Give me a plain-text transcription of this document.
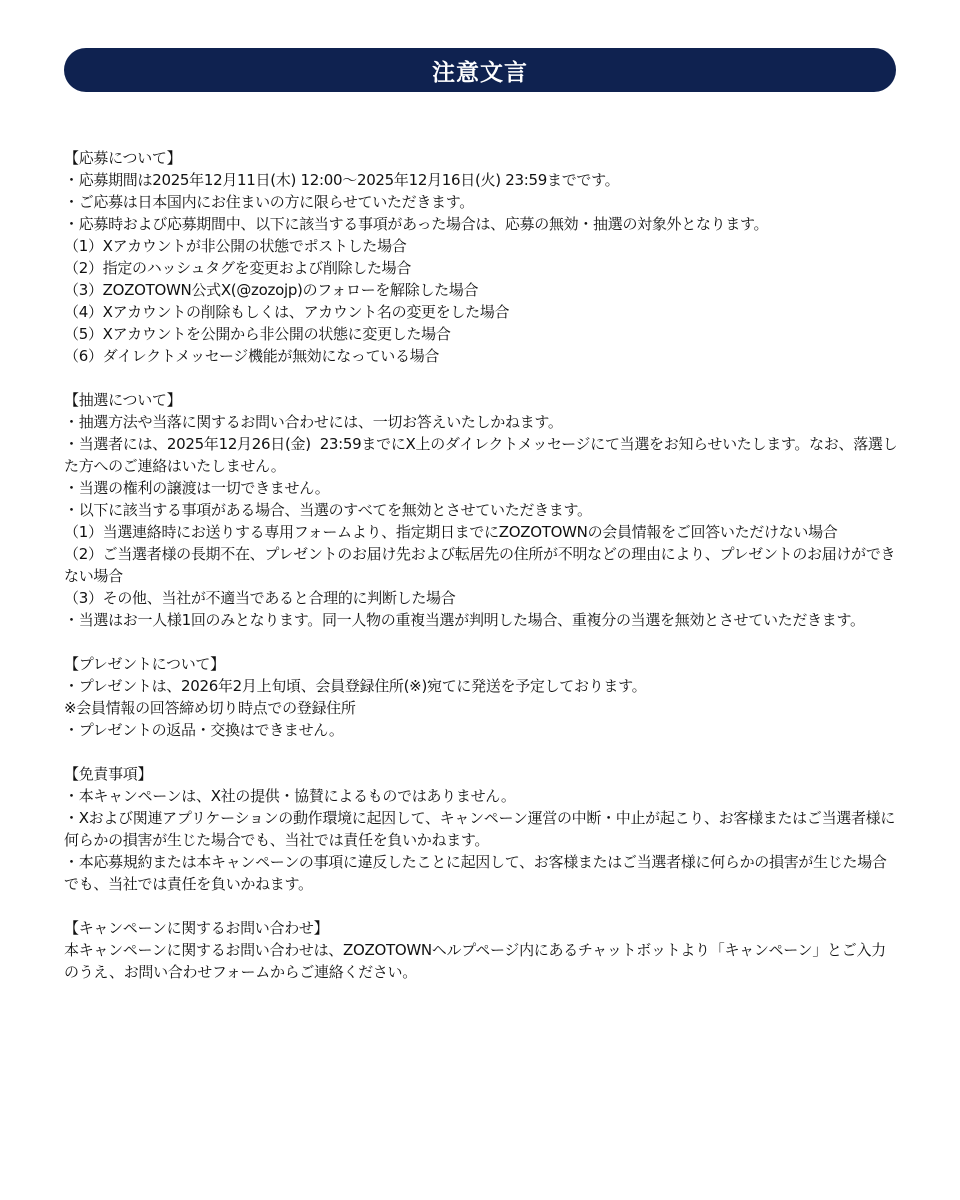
注意文言
【応募について】
・応募期間は2025年12月11日(木) 12:00〜2025年12月16日(火) 23:59までです。
・ご応募は日本国内にお住まいの方に限らせていただきます。
・応募時および応募期間中、以下に該当する事項があった場合は、応募の無効・抽選の対象外となります。
（1）Xアカウントが非公開の状態でポストした場合
（2）指定のハッシュタグを変更および削除した場合
（3）ZOZOTOWN公式X(@zozojp)のフォローを解除した場合
（4）Xアカウントの削除もしくは、アカウント名の変更をした場合
（5）Xアカウントを公開から非公開の状態に変更した場合
（6）ダイレクトメッセージ機能が無効になっている場合
【抽選について】
・抽選方法や当落に関するお問い合わせには、一切お答えいたしかねます。
・当選者には、2025年12月26日(金)  23:59までにX上のダイレクトメッセージにて当選をお知らせいたします。なお、落選した方へのご連絡はいたしません。
・当選の権利の譲渡は一切できません。
・以下に該当する事項がある場合、当選のすべてを無効とさせていただきます。
（1）当選連絡時にお送りする専用フォームより、指定期日までにZOZOTOWNの会員情報をご回答いただけない場合
（2）ご当選者様の長期不在、プレゼントのお届け先および転居先の住所が不明などの理由により、プレゼントのお届けができない場合
（3）その他、当社が不適当であると合理的に判断した場合
・当選はお一人様1回のみとなります。同一人物の重複当選が判明した場合、重複分の当選を無効とさせていただきます。
【プレゼントについて】
・プレゼントは、2026年2月上旬頃、会員登録住所(※)宛てに発送を予定しております。
※会員情報の回答締め切り時点での登録住所
・プレゼントの返品・交換はできません。
【免責事項】
・本キャンペーンは、X社の提供・協賛によるものではありません。
・Xおよび関連アプリケーションの動作環境に起因して、キャンペーン運営の中断・中止が起こり、お客様またはご当選者様に何らかの損害が生じた場合でも、当社では責任を負いかねます。
・本応募規約または本キャンペーンの事項に違反したことに起因して、お客様またはご当選者様に何らかの損害が生じた場合でも、当社では責任を負いかねます。
【キャンペーンに関するお問い合わせ】
本キャンペーンに関するお問い合わせは、ZOZOTOWNヘルプページ内にあるチャットボットより「キャンペーン」とご入力のうえ、お問い合わせフォームからご連絡ください。
